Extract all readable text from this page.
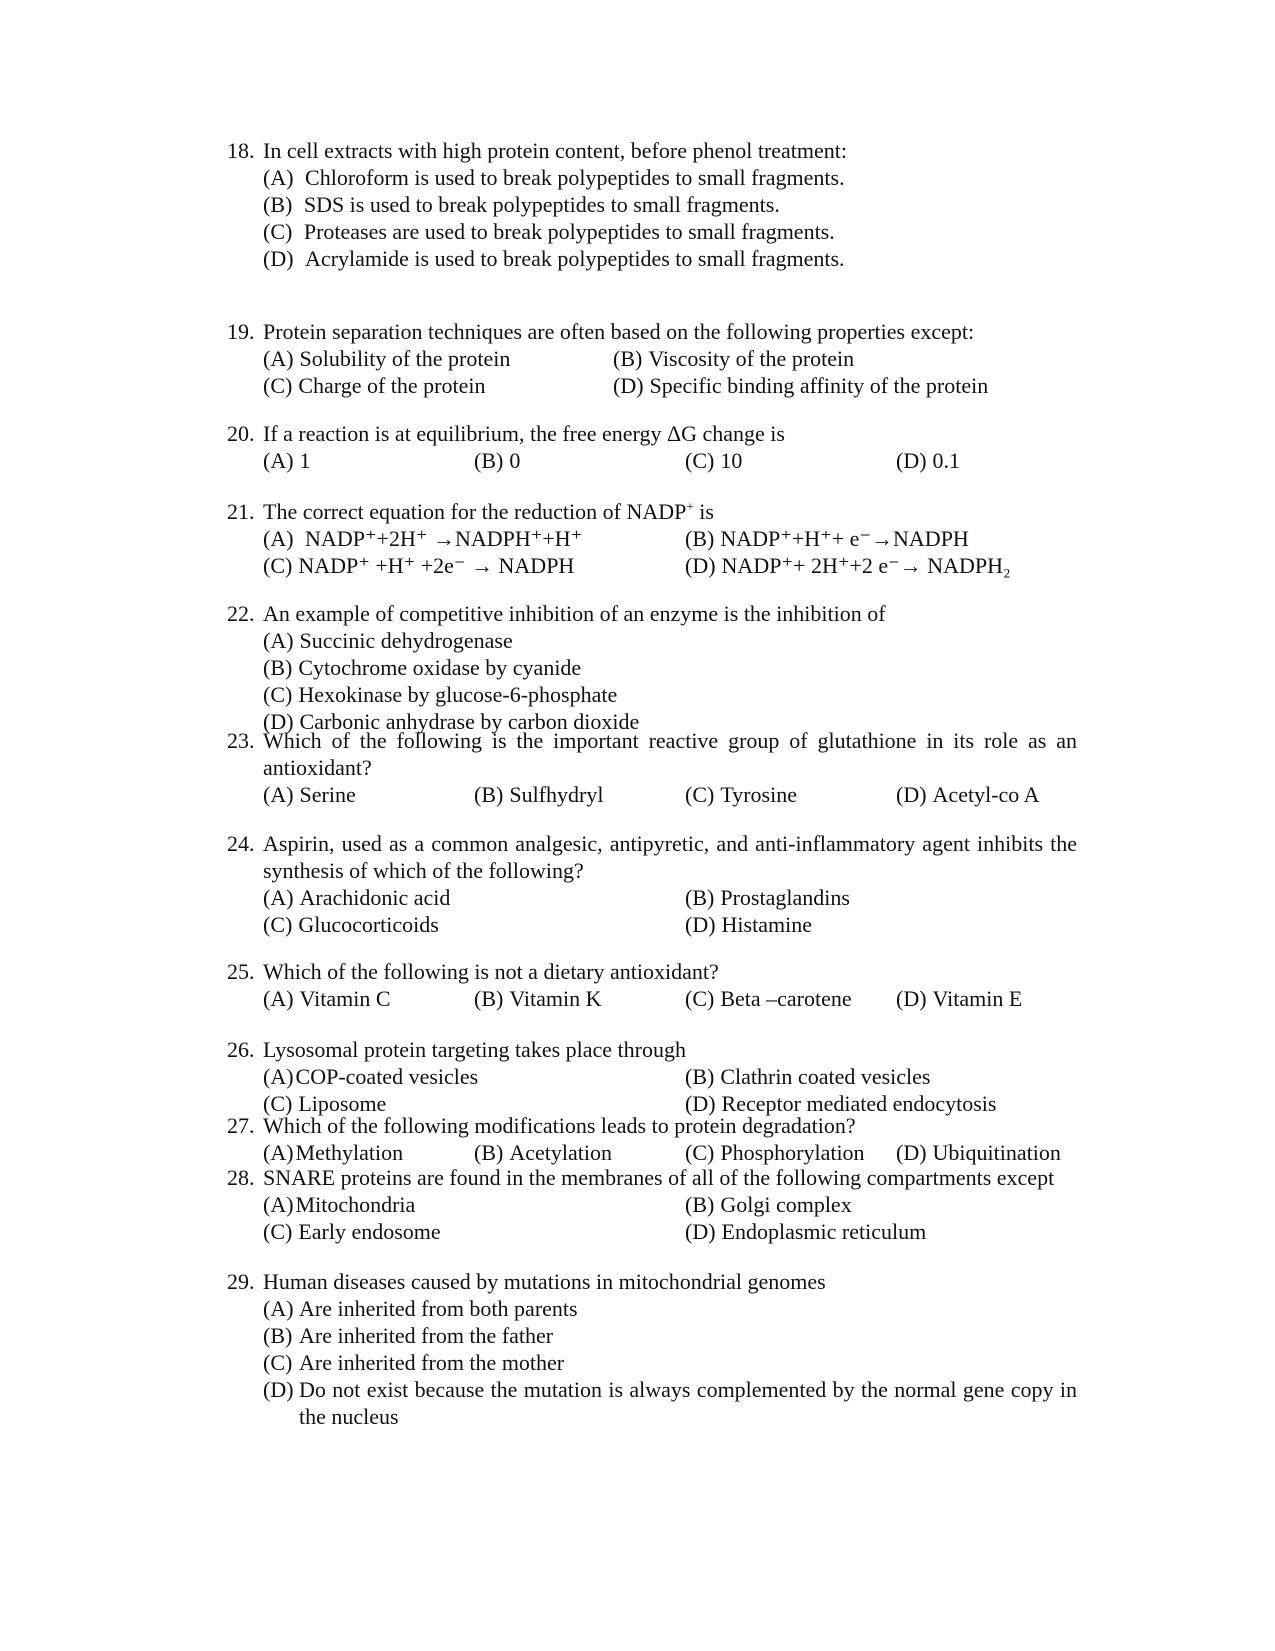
18. In cell extracts with high protein content, before phenol treatment:
(A)
Chloroform is used to break polypeptides to small fragments.
(B)
SDS is used to break polypeptides to small fragments.
(C)
Proteases are used to break polypeptides to small fragments.
(D)
Acrylamide is used to break polypeptides to small fragments.
19. Protein separation techniques are often based on the following properties except:
(A) Solubility of the protein	(B) Viscosity of the protein
(C) Charge of the protein	(D) Specific binding affinity of the protein
20. If a reaction is at equilibrium, the free energy ΔG change is
(A) 1	(B) 0	(C) 10	(D) 0.1
21. The correct equation for the reduction of NADP+ is
(A)
NADP⁺+2H⁺ →NADPH⁺+H⁺	(B) NADP⁺+H⁺+ e⁻→NADPH
(C) NADP⁺ +H⁺ +2e⁻ → NADPH	(D) NADP⁺+ 2H⁺+2 e⁻→ NADPH₂
22. An example of competitive inhibition of an enzyme is the inhibition of
(A) Succinic dehydrogenase
(B) Cytochrome oxidase by cyanide
(C) Hexokinase by glucose-6-phosphate
(D) Carbonic anhydrase by carbon dioxide
23. Which of the following is the important reactive group of glutathione in its role as an antioxidant?
(A) Serine	(B) Sulfhydryl	(C) Tyrosine	(D) Acetyl-co A
24. Aspirin, used as a common analgesic, antipyretic, and anti-inflammatory agent inhibits the synthesis of which of the following?
(A) Arachidonic acid	(B) Prostaglandins
(C) Glucocorticoids	(D) Histamine
25. Which of the following is not a dietary antioxidant?
(A) Vitamin C	(B) Vitamin K	(C) Beta –carotene (D) Vitamin E
26. Lysosomal protein targeting takes place through
(A) COP-coated vesicles	(B) Clathrin coated vesicles
(C) Liposome	(D) Receptor mediated endocytosis
27. Which of the following modifications leads to protein degradation?
(A) Methylation	(B) Acetylation	(C) Phosphorylation (D) Ubiquitination
28. SNARE proteins are found in the membranes of all of the following compartments except
(A) Mitochondria	(B) Golgi complex
(C) Early endosome	(D) Endoplasmic reticulum
29. Human diseases caused by mutations in mitochondrial genomes
(A) Are inherited from both parents
(B) Are inherited from the father
(C) Are inherited from the mother
(D) Do not exist because the mutation is always complemented by the normal gene copy in the nucleus
